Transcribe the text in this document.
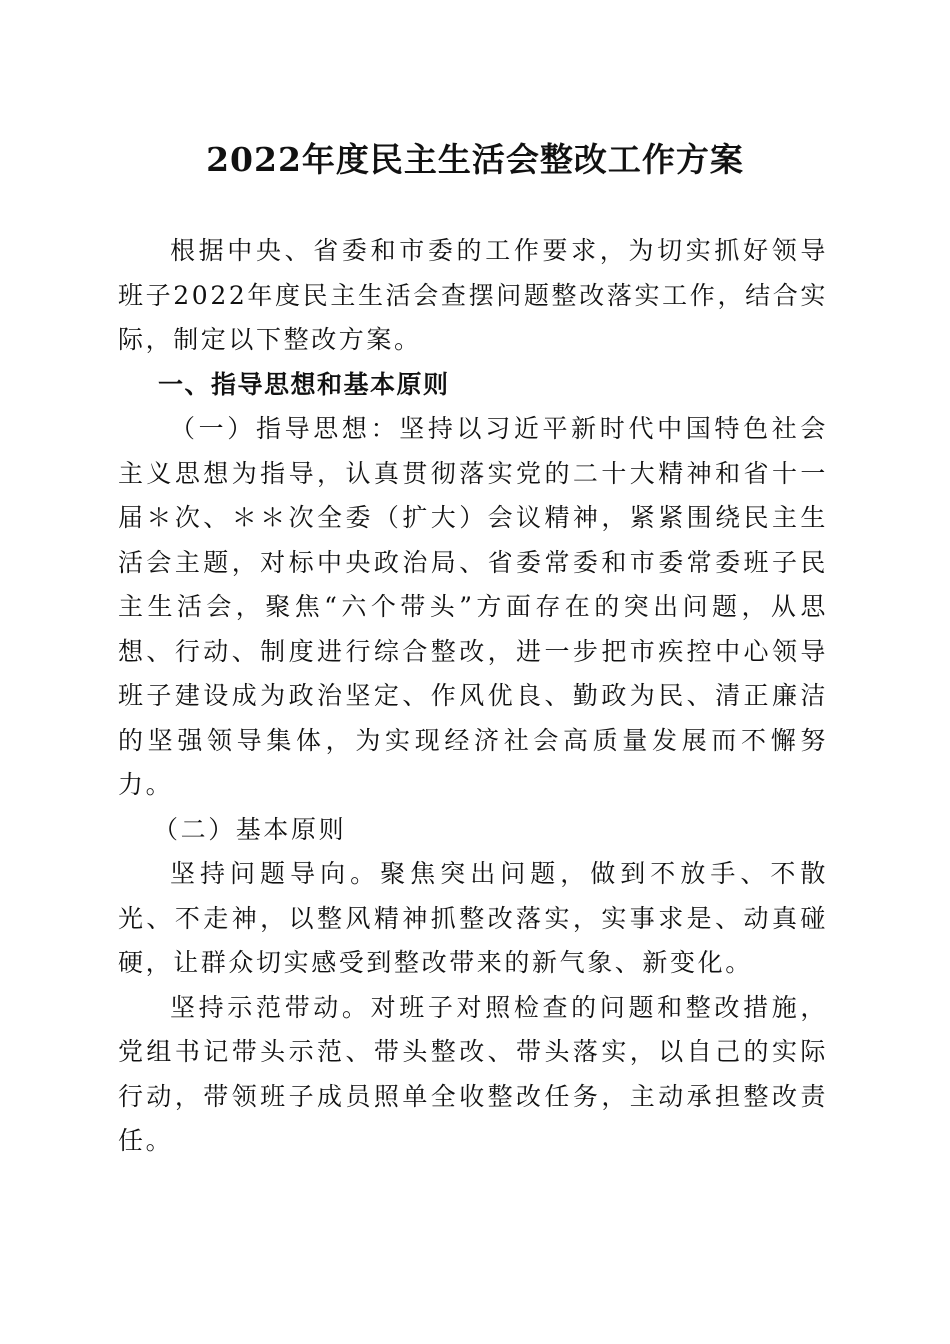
2022年度民主生活会整改工作方案

根据中央、省委和市委的工作要求，为切实抓好领导班子2022年度民主生活会查摆问题整改落实工作，结合实际，制定以下整改方案。

一、指导思想和基本原则

（一）指导思想：坚持以习近平新时代中国特色社会主义思想为指导，认真贯彻落实党的二十大精神和省十一届＊次、＊＊次全委（扩大）会议精神，紧紧围绕民主生活会主题，对标中央政治局、省委常委和市委常委班子民主生活会，聚焦“六个带头”方面存在的突出问题，从思想、行动、制度进行综合整改，进一步把市疾控中心领导班子建设成为政治坚定、作风优良、勤政为民、清正廉洁的坚强领导集体，为实现经济社会高质量发展而不懈努力。

（二）基本原则

坚持问题导向。聚焦突出问题，做到不放手、不散光、不走神，以整风精神抓整改落实，实事求是、动真碰硬，让群众切实感受到整改带来的新气象、新变化。

坚持示范带动。对班子对照检查的问题和整改措施，党组书记带头示范、带头整改、带头落实，以自己的实际行动，带领班子成员照单全收整改任务，主动承担整改责任。
